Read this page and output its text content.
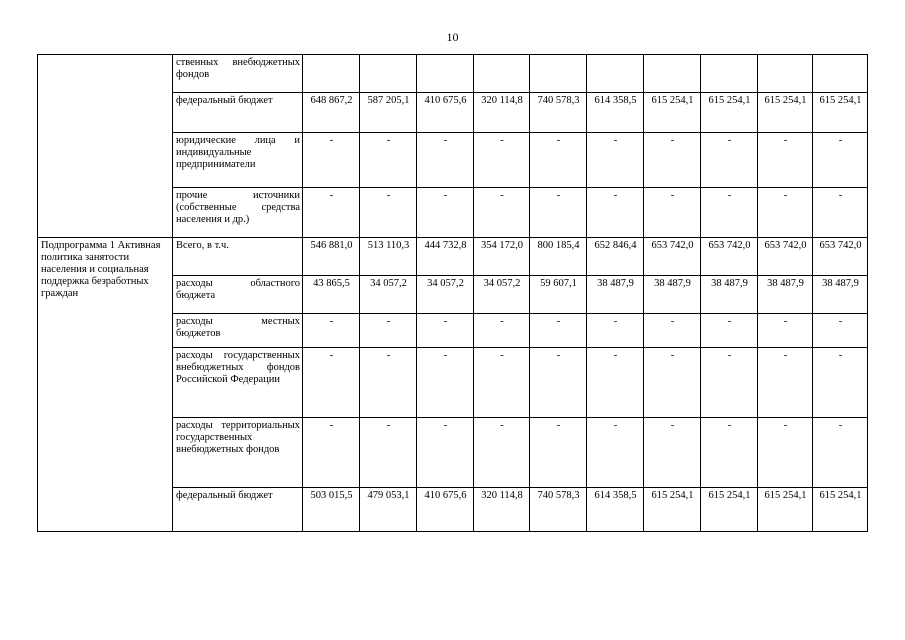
10
	ственных внебюджетных фондов										
	федеральный бюджет	648 867,2	587 205,1	410 675,6	320 114,8	740 578,3	614 358,5	615 254,1	615 254,1	615 254,1	615 254,1
	юридические лица и индивидуальные предприниматели	-	-	-	-	-	-	-	-	-	-
	прочие источники (собственные средства населения и др.)	-	-	-	-	-	-	-	-	-	-
Подпрограмма 1 Активная политика занятости населения и социальная поддержка безработных граждан	Всего, в т.ч.	546 881,0	513 110,3	444 732,8	354 172,0	800 185,4	652 846,4	653 742,0	653 742,0	653 742,0	653 742,0
	расходы областного бюджета	43 865,5	34 057,2	34 057,2	34 057,2	59 607,1	38 487,9	38 487,9	38 487,9	38 487,9	38 487,9
	расходы местных бюджетов	-	-	-	-	-	-	-	-	-	-
	расходы государственных внебюджетных фондов Российской Федерации	-	-	-	-	-	-	-	-	-	-
	расходы территориальных государственных внебюджетных фондов	-	-	-	-	-	-	-	-	-	-
	федеральный бюджет	503 015,5	479 053,1	410 675,6	320 114,8	740 578,3	614 358,5	615 254,1	615 254,1	615 254,1	615 254,1
